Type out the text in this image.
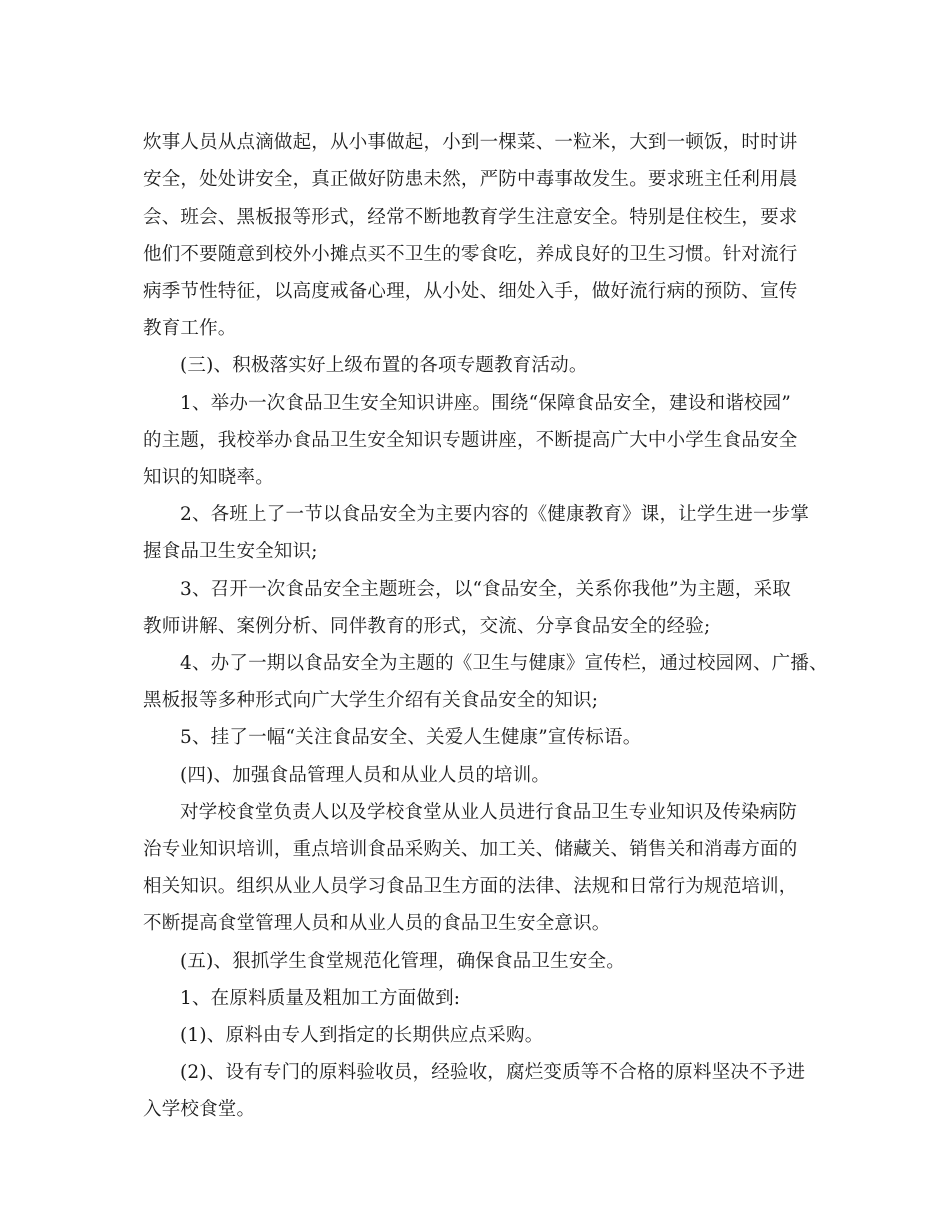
炊事人员从点滴做起，从小事做起，小到一棵菜、一粒米，大到一顿饭，时时讲
安全，处处讲安全，真正做好防患未然，严防中毒事故发生。要求班主任利用晨
会、班会、黑板报等形式，经常不断地教育学生注意安全。特别是住校生，要求
他们不要随意到校外小摊点买不卫生的零食吃，养成良好的卫生习惯。针对流行
病季节性特征，以高度戒备心理，从小处、细处入手，做好流行病的预防、宣传
教育工作。
(三)、积极落实好上级布置的各项专题教育活动。
1、举办一次食品卫生安全知识讲座。围绕“保障食品安全，建设和谐校园”
的主题，我校举办食品卫生安全知识专题讲座，不断提高广大中小学生食品安全
知识的知晓率。
2、各班上了一节以食品安全为主要内容的《健康教育》课，让学生进一步掌
握食品卫生安全知识;
3、召开一次食品安全主题班会，以“食品安全，关系你我他”为主题，采取
教师讲解、案例分析、同伴教育的形式，交流、分享食品安全的经验;
4、办了一期以食品安全为主题的《卫生与健康》宣传栏，通过校园网、广播、
黑板报等多种形式向广大学生介绍有关食品安全的知识;
5、挂了一幅“关注食品安全、关爱人生健康”宣传标语。
(四)、加强食品管理人员和从业人员的培训。
对学校食堂负责人以及学校食堂从业人员进行食品卫生专业知识及传染病防
治专业知识培训，重点培训食品采购关、加工关、储藏关、销售关和消毒方面的
相关知识。组织从业人员学习食品卫生方面的法律、法规和日常行为规范培训，
不断提高食堂管理人员和从业人员的食品卫生安全意识。
(五)、狠抓学生食堂规范化管理，确保食品卫生安全。
1、在原料质量及粗加工方面做到:
(1)、原料由专人到指定的长期供应点采购。
(2)、设有专门的原料验收员，经验收，腐烂变质等不合格的原料坚决不予进
入学校食堂。
